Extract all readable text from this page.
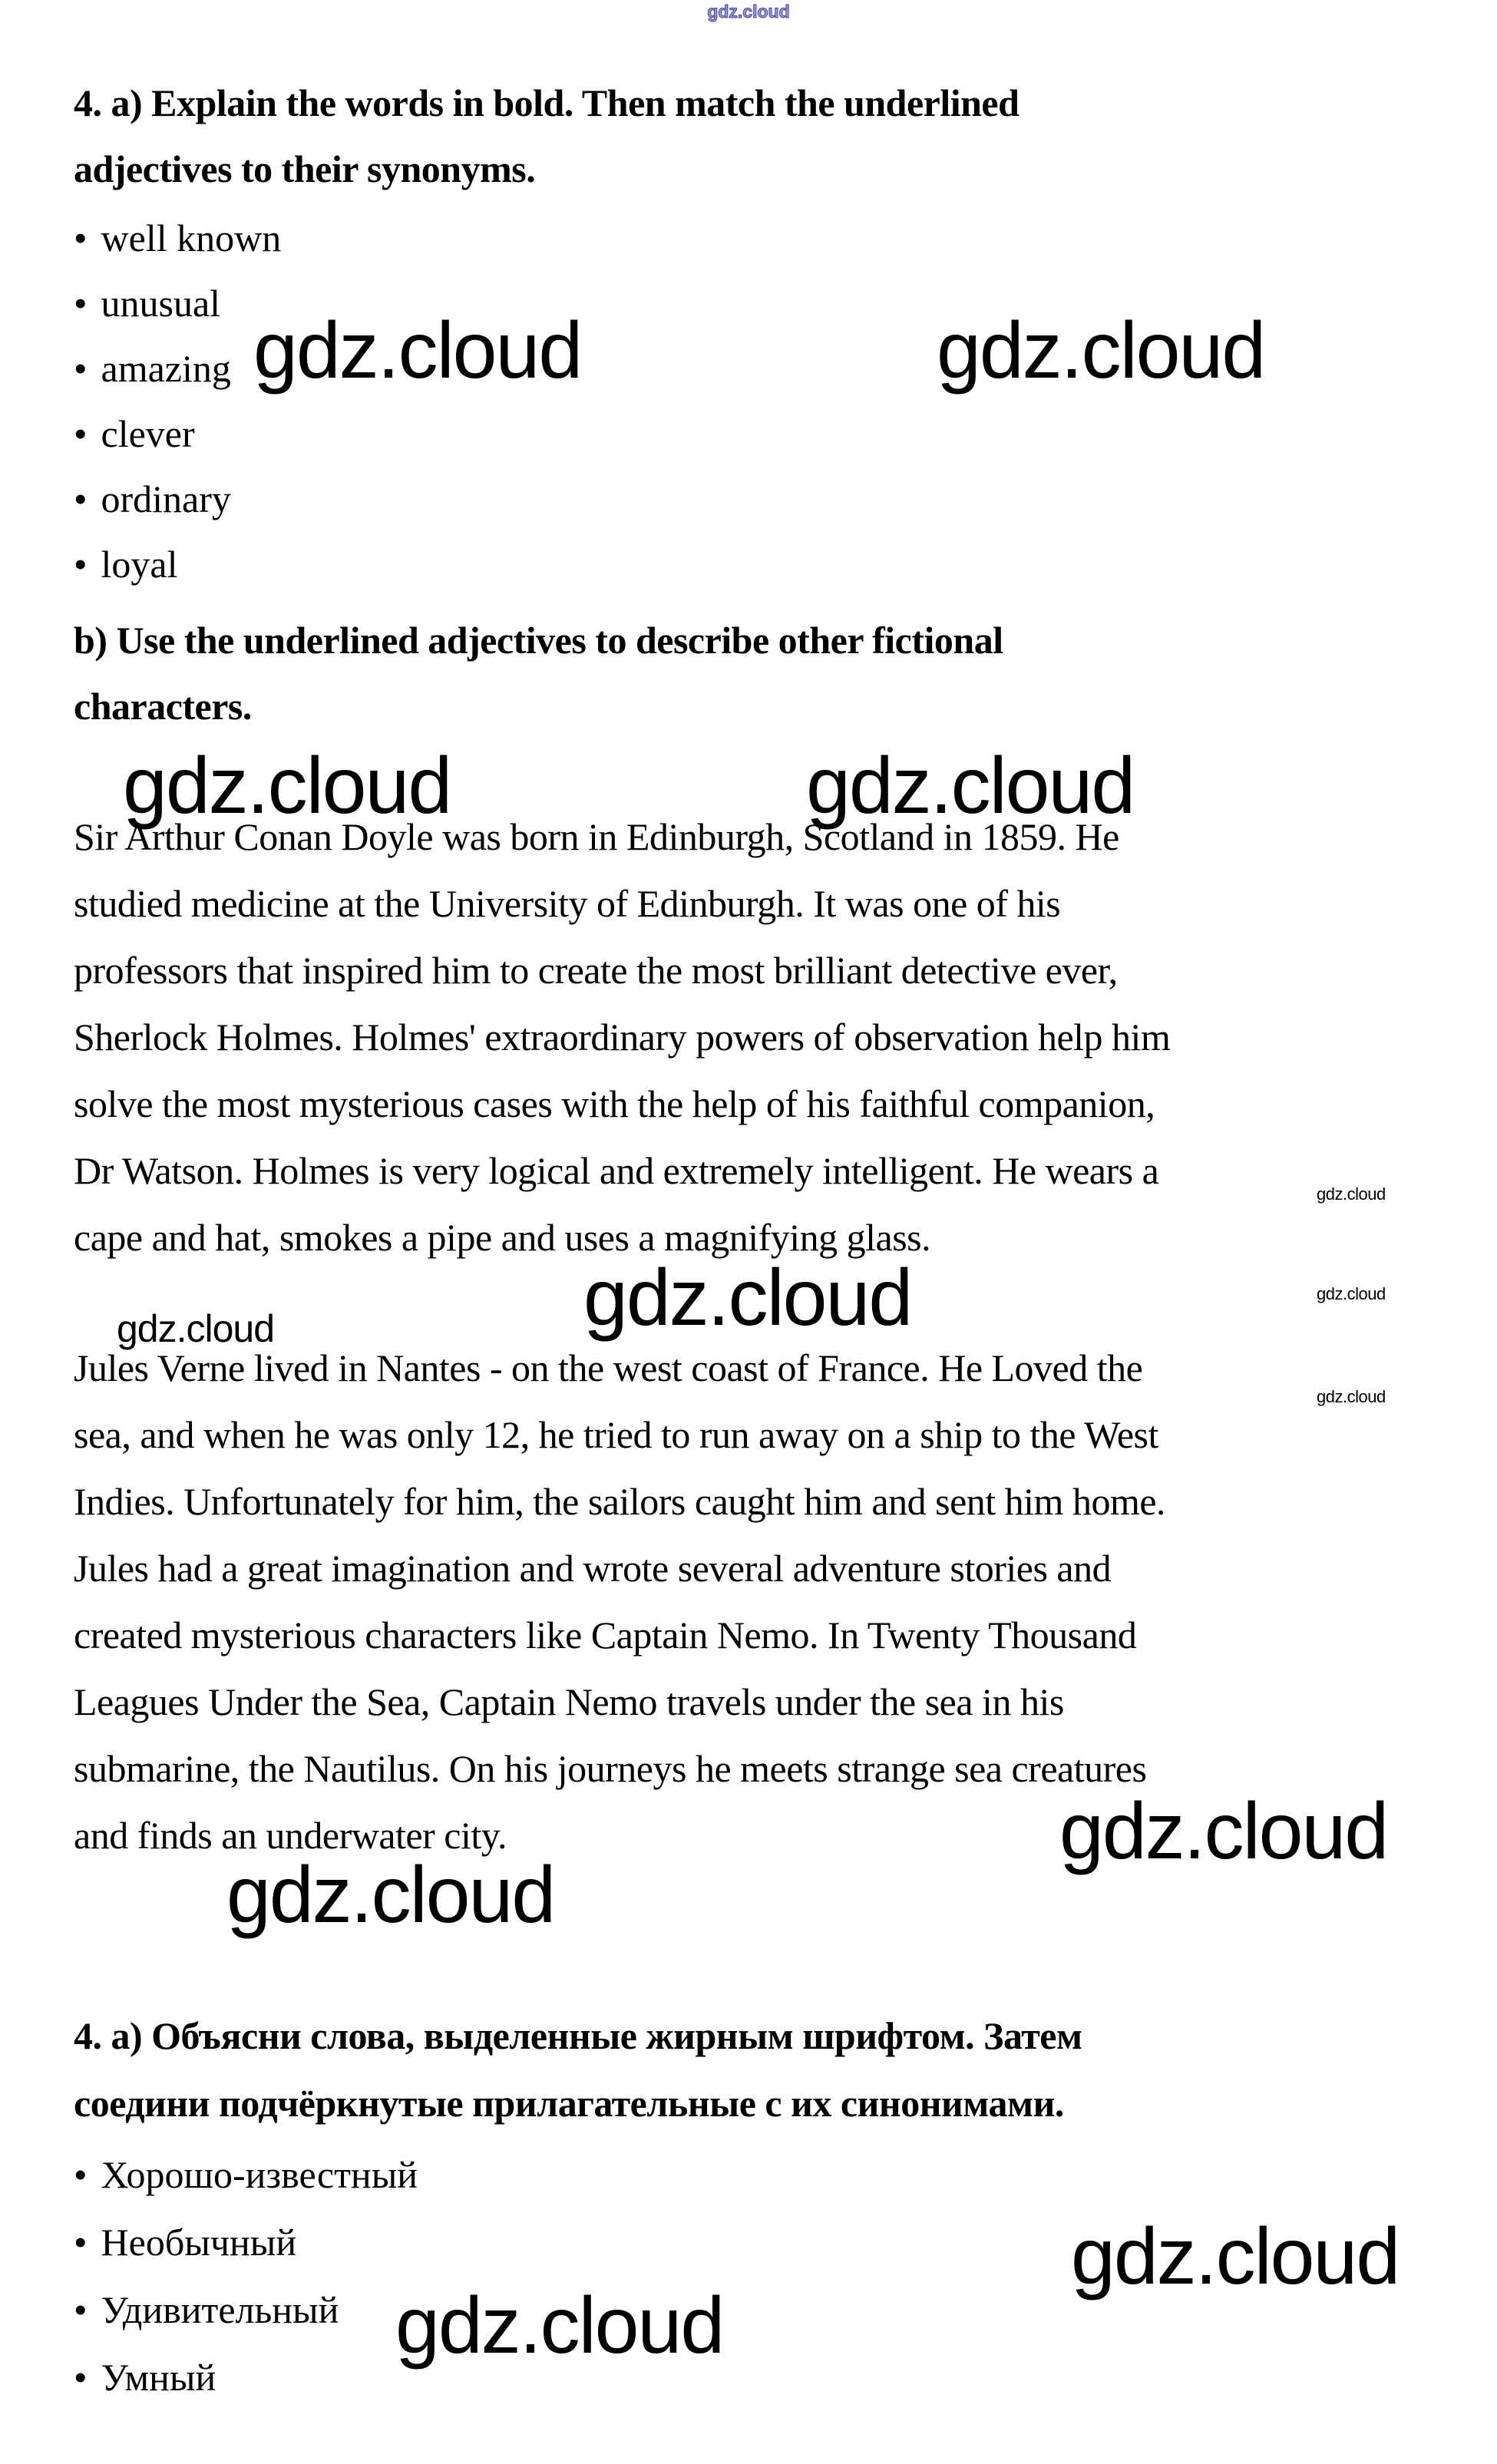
gdz.cloud
4. a) Explain the words in bold. Then match the underlined
adjectives to their synonyms.
• well known
• unusual
• amazing
• clever
• ordinary
• loyal
gdz.cloud	gdz.cloud
b) Use the underlined adjectives to describe other fictional
characters.
gdz.cloud	gdz.cloud
Sir Arthur Conan Doyle was born in Edinburgh, Scotland in 1859. He
studied medicine at the University of Edinburgh. It was one of his
professors that inspired him to create the most brilliant detective ever,
Sherlock Holmes. Holmes' extraordinary powers of observation help him
solve the most mysterious cases with the help of his faithful companion,
Dr Watson. Holmes is very logical and extremely intelligent. He wears a
cape and hat, smokes a pipe and uses a magnifying glass.
gdz.cloud
gdz.cloud	gdz.cloud
gdz.cloud
Jules Verne lived in Nantes - on the west coast of France. He Loved the
sea, and when he was only 12, he tried to run away on a ship to the West
Indies. Unfortunately for him, the sailors caught him and sent him home.
Jules had a great imagination and wrote several adventure stories and
created mysterious characters like Captain Nemo. In Twenty Thousand
Leagues Under the Sea, Captain Nemo travels under the sea in his
submarine, the Nautilus. On his journeys he meets strange sea creatures
and finds an underwater city.
gdz.cloud
gdz.cloud
gdz.cloud
4. а) Объясни слова, выделенные жирным шрифтом. Затем
соедини подчёркнутые прилагательные с их синонимами.
• Хорошо-известный
• Необычный
• Удивительный
• Умный
gdz.cloud
gdz.cloud
